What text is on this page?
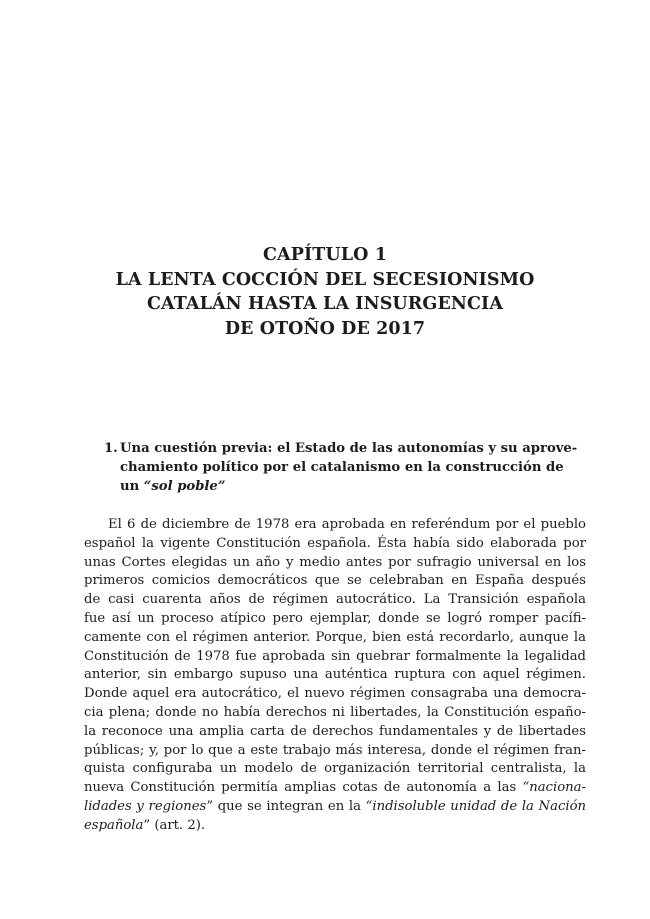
CAPÍTULO 1
LA LENTA COCCIÓN DEL SECESIONISMO
CATALÁN HASTA LA INSURGENCIA
DE OTOÑO DE 2017
1. Una cuestión previa: el Estado de las autonomías y su aprove-
chamiento político por el catalanismo en la construcción de
un “sol poble”
El 6 de diciembre de 1978 era aprobada en referéndum por el pueblo
español la vigente Constitución española. Ésta había sido elaborada por
unas Cortes elegidas un año y medio antes por sufragio universal en los
primeros comicios democráticos que se celebraban en España después
de casi cuarenta años de régimen autocrático. La Transición española
fue así un proceso atípico pero ejemplar, donde se logró romper pacífi-
camente con el régimen anterior. Porque, bien está recordarlo, aunque la
Constitución de 1978 fue aprobada sin quebrar formalmente la legalidad
anterior, sin embargo supuso una auténtica ruptura con aquel régimen.
Donde aquel era autocrático, el nuevo régimen consagraba una democra-
cia plena; donde no había derechos ni libertades, la Constitución españo-
la reconoce una amplia carta de derechos fundamentales y de libertades
públicas; y, por lo que a este trabajo más interesa, donde el régimen fran-
quista configuraba un modelo de organización territorial centralista, la
nueva Constitución permitía amplias cotas de autonomía a las “naciona-
lidades y regiones” que se integran en la “indisoluble unidad de la Nación
española” (art. 2).
